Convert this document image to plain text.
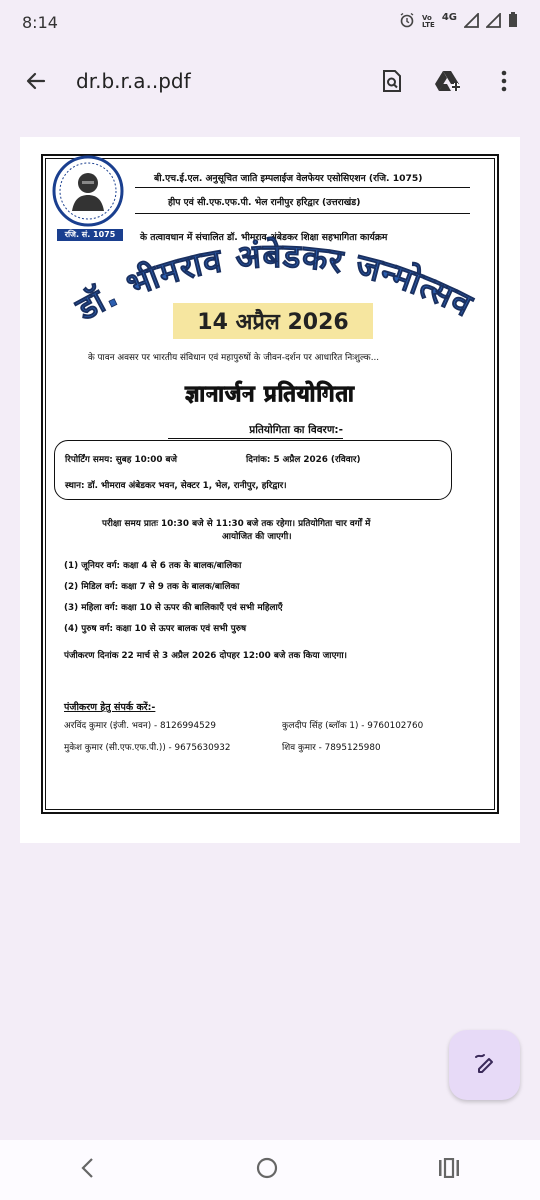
8:14	Vo
LTE
4G
dr.b.r.a..pdf
रजि. सं. 1075
बी.एच.ई.एल. अनुसूचित जाति इम्पलाईज वेलफेयर एसोसिएशन (रजि. 1075)
हीप एवं सी.एफ.एफ.पी. भेल रानीपुर हरिद्वार (उत्तराखंड)
के तत्वावधान में संचालित डॉ. भीमराव अंबेडकर शिक्षा सहभागिता कार्यक्रम
डॉ. भीमराव अंबेडकर जन्मोत्सव
14 अप्रैल 2026
के पावन अवसर पर भारतीय संविधान एवं महापुरुषों के जीवन-दर्शन पर आधारित निःशुल्क...
ज्ञानार्जन प्रतियोगिता
प्रतियोगिता का विवरण:-
रिपोर्टिंग समय: सुबह 10:00 बजे	दिनांक: 5 अप्रैल 2026 (रविवार)
स्थान: डॉ. भीमराव अंबेडकर भवन, सेक्टर 1, भेल, रानीपुर, हरिद्वार।
परीक्षा समय प्रातः 10:30 बजे से 11:30 बजे तक रहेगा। प्रतियोगिता चार वर्गों में
आयोजित की जाएगी।
(1) जूनियर वर्ग: कक्षा 4 से 6 तक के बालक/बालिका
(2) मिडिल वर्ग: कक्षा 7 से 9 तक के बालक/बालिका
(3) महिला वर्ग: कक्षा 10 से ऊपर की बालिकाएँ एवं सभी महिलाएँ
(4) पुरुष वर्ग: कक्षा 10 से ऊपर बालक एवं सभी पुरुष
पंजीकरण दिनांक 22 मार्च से 3 अप्रैल 2026 दोपहर 12:00 बजे तक किया जाएगा।
पंजीकरण हेतु संपर्क करें:-
अरविंद कुमार (इंजी. भवन) - 8126994529	कुलदीप सिंह (ब्लॉक 1) - 9760102760
मुकेश कुमार (सी.एफ.एफ.पी.)) - 9675630932	शिव कुमार - 7895125980
